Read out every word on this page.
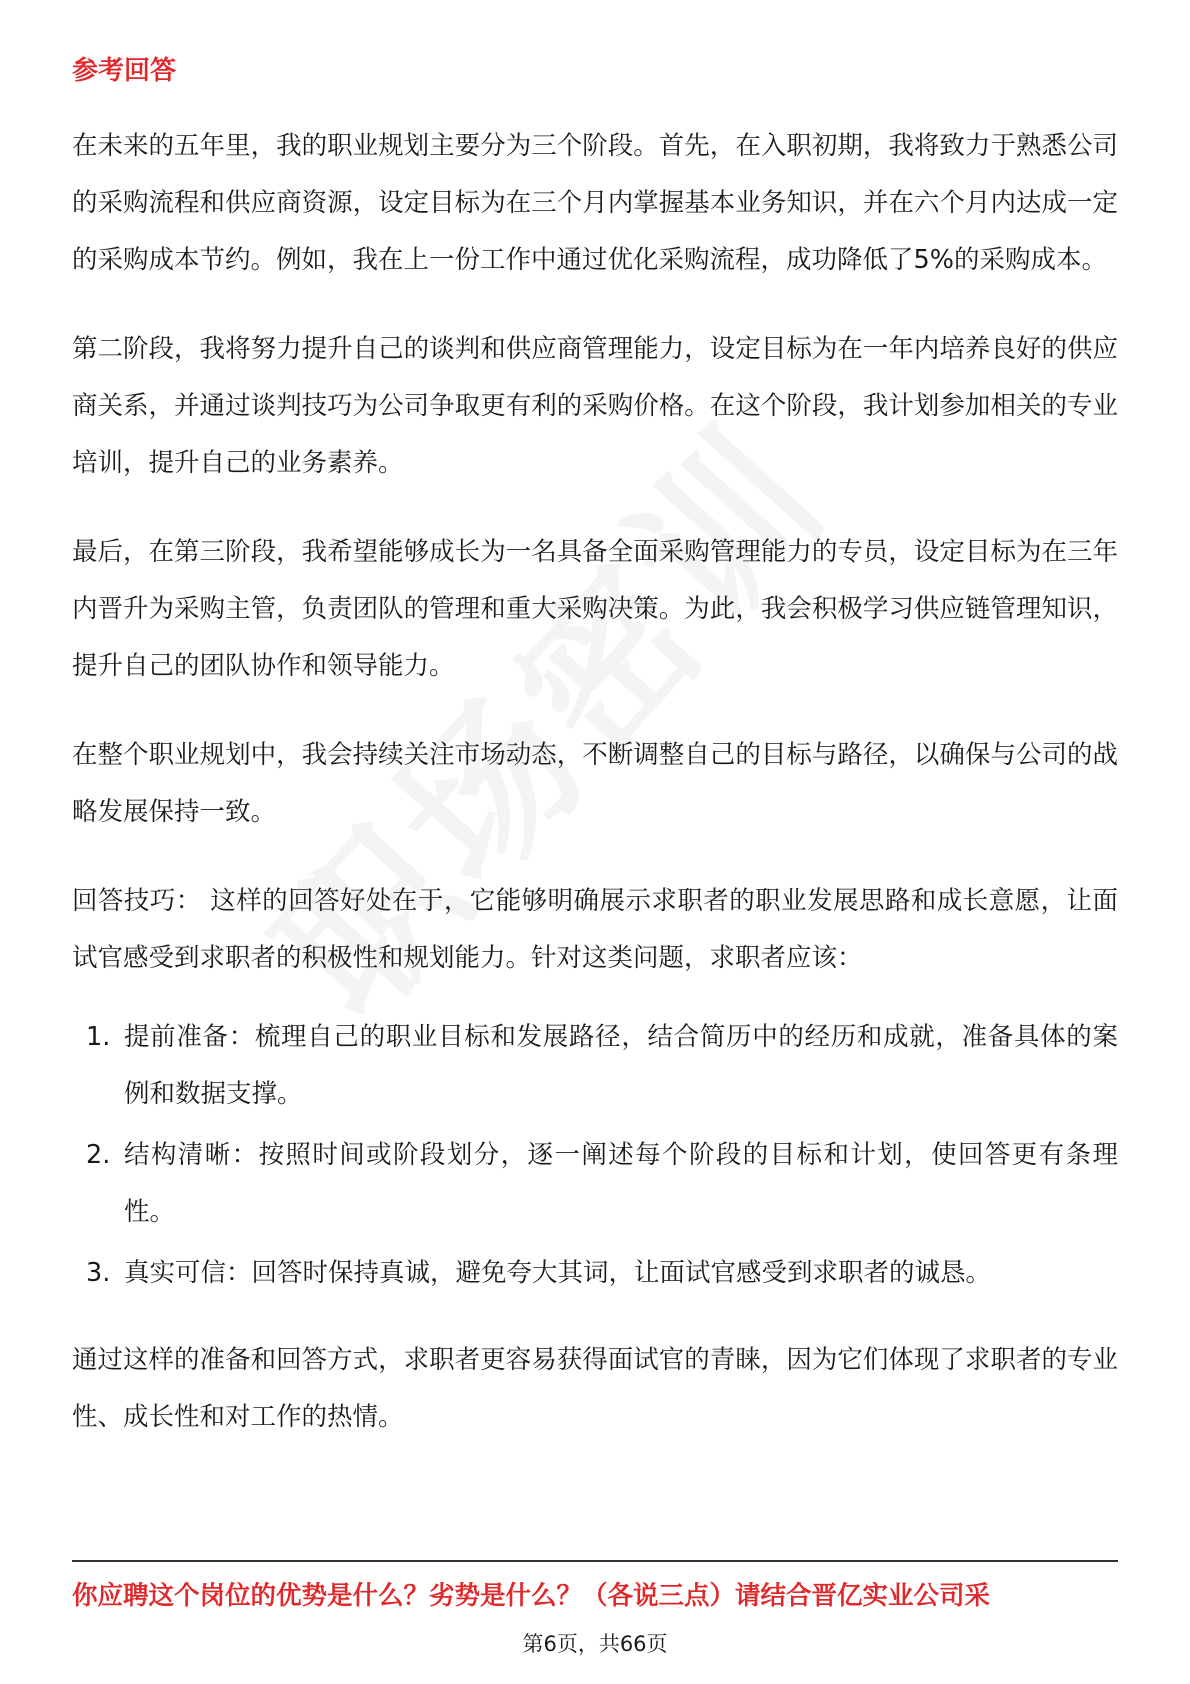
参考回答

在未来的五年里，我的职业规划主要分为三个阶段。首先，在入职初期，我将致力于熟悉公司的采购流程和供应商资源，设定目标为在三个月内掌握基本业务知识，并在六个月内达成一定的采购成本节约。例如，我在上一份工作中通过优化采购流程，成功降低了5%的采购成本。

第二阶段，我将努力提升自己的谈判和供应商管理能力，设定目标为在一年内培养良好的供应商关系，并通过谈判技巧为公司争取更有利的采购价格。在这个阶段，我计划参加相关的专业培训，提升自己的业务素养。

最后，在第三阶段，我希望能够成长为一名具备全面采购管理能力的专员，设定目标为在三年内晋升为采购主管，负责团队的管理和重大采购决策。为此，我会积极学习供应链管理知识，提升自己的团队协作和领导能力。

在整个职业规划中，我会持续关注市场动态，不断调整自己的目标与路径，以确保与公司的战略发展保持一致。

回答技巧： 这样的回答好处在于，它能够明确展示求职者的职业发展思路和成长意愿，让面试官感受到求职者的积极性和规划能力。针对这类问题，求职者应该：

1. 提前准备：梳理自己的职业目标和发展路径，结合简历中的经历和成就，准备具体的案例和数据支撑。
2. 结构清晰：按照时间或阶段划分，逐一阐述每个阶段的目标和计划，使回答更有条理性。
3. 真实可信：回答时保持真诚，避免夸大其词，让面试官感受到求职者的诚恳。

通过这样的准备和回答方式，求职者更容易获得面试官的青睐，因为它们体现了求职者的专业性、成长性和对工作的热情。

你应聘这个岗位的优势是什么？劣势是什么？（各说三点）请结合晋亿实业公司采
第6页，共66页
